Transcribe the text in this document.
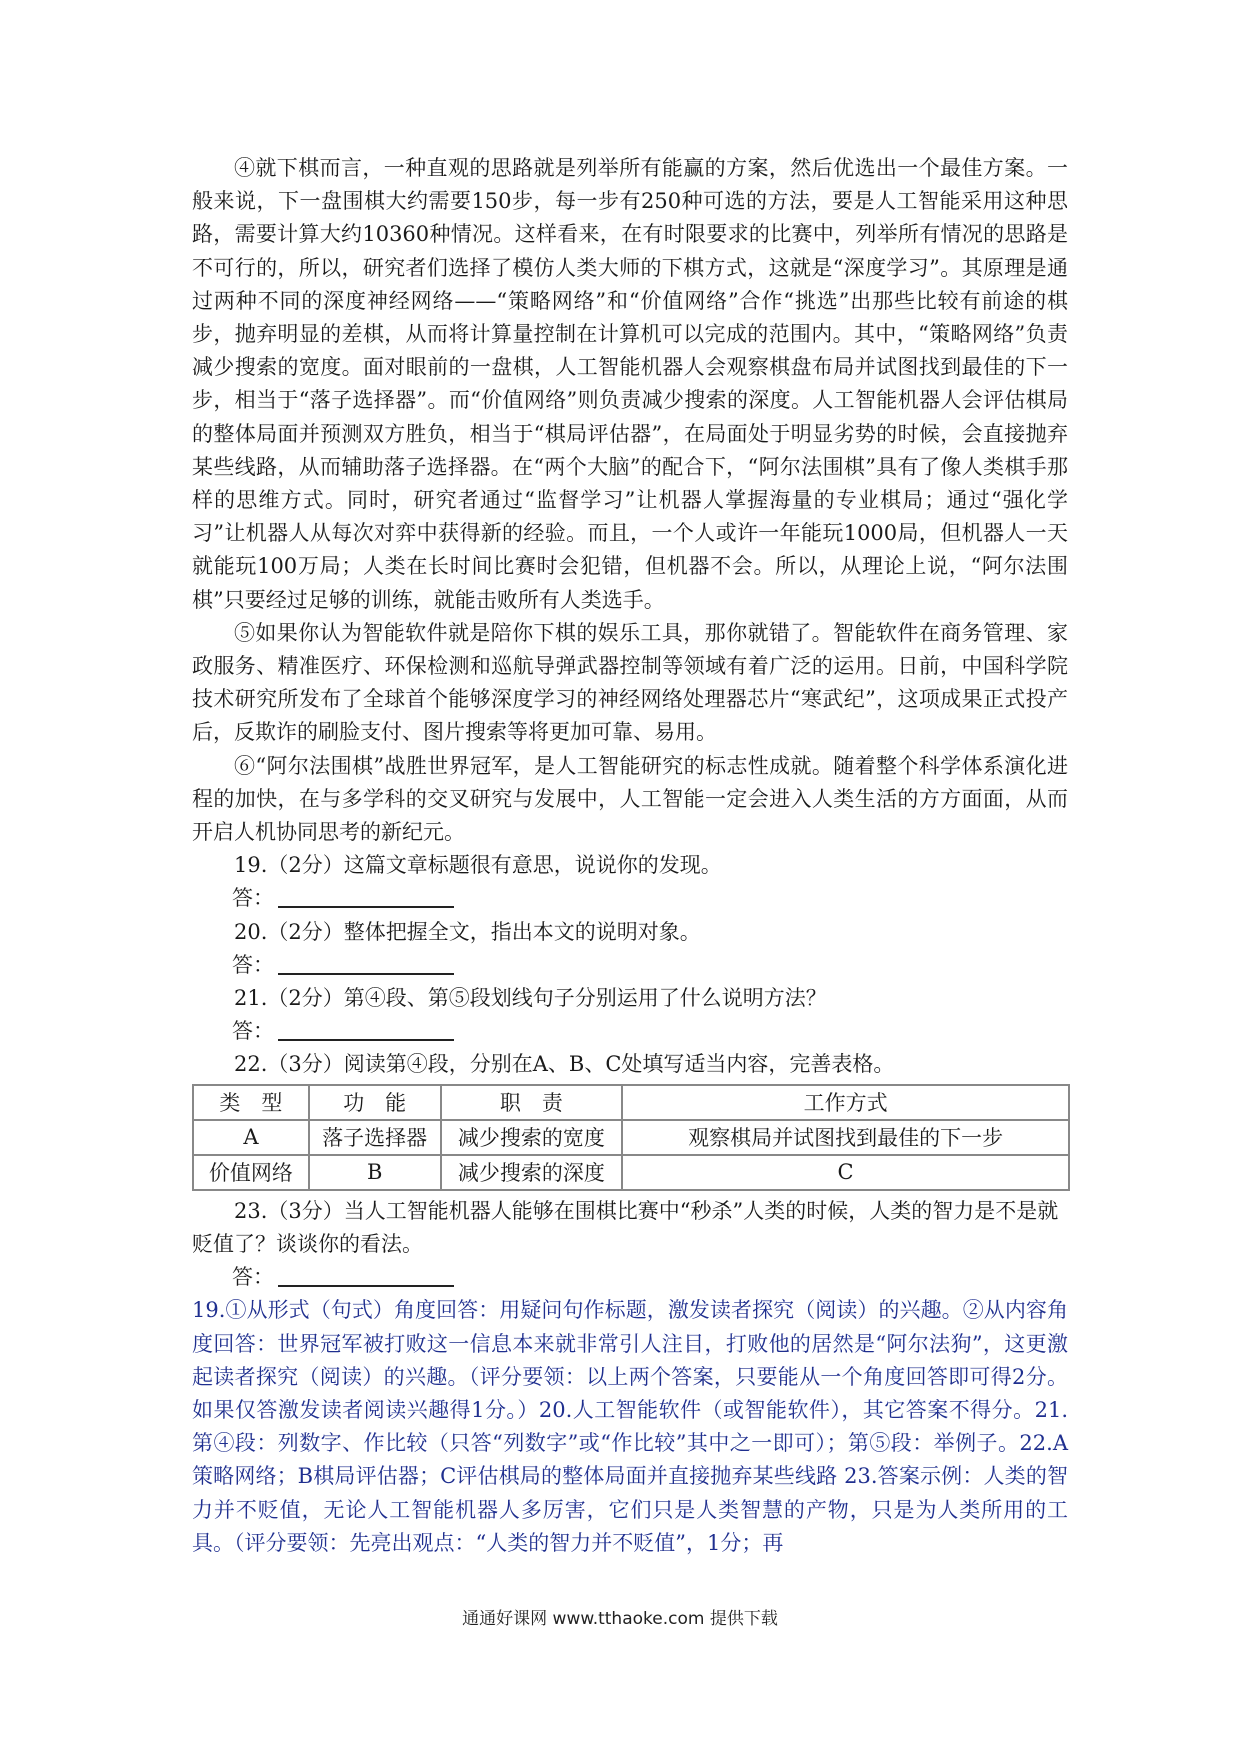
④就下棋而言，一种直观的思路就是列举所有能赢的方案，然后优选出一个最佳方案。一般来说，下一盘围棋大约需要150步，每一步有250种可选的方法，要是人工智能采用这种思路，需要计算大约10360种情况。这样看来，在有时限要求的比赛中，列举所有情况的思路是不可行的，所以，研究者们选择了模仿人类大师的下棋方式，这就是“深度学习”。其原理是通过两种不同的深度神经网络——“策略网络”和“价值网络”合作“挑选”出那些比较有前途的棋步，抛弃明显的差棋，从而将计算量控制在计算机可以完成的范围内。其中，“策略网络”负责减少搜索的宽度。面对眼前的一盘棋，人工智能机器人会观察棋盘布局并试图找到最佳的下一步，相当于“落子选择器”。而“价值网络”则负责减少搜索的深度。人工智能机器人会评估棋局的整体局面并预测双方胜负，相当于“棋局评估器”，在局面处于明显劣势的时候，会直接抛弃某些线路，从而辅助落子选择器。在“两个大脑”的配合下，“阿尔法围棋”具有了像人类棋手那样的思维方式。同时，研究者通过“监督学习”让机器人掌握海量的专业棋局；通过“强化学习”让机器人从每次对弈中获得新的经验。而且，一个人或许一年能玩1000局，但机器人一天就能玩100万局；人类在长时间比赛时会犯错，但机器不会。所以，从理论上说，“阿尔法围棋”只要经过足够的训练，就能击败所有人类选手。

⑤如果你认为智能软件就是陪你下棋的娱乐工具，那你就错了。智能软件在商务管理、家政服务、精准医疗、环保检测和巡航导弹武器控制等领域有着广泛的运用。日前，中国科学院技术研究所发布了全球首个能够深度学习的神经网络处理器芯片“寒武纪”，这项成果正式投产后，反欺诈的刷脸支付、图片搜索等将更加可靠、易用。

⑥“阿尔法围棋”战胜世界冠军，是人工智能研究的标志性成就。随着整个科学体系演化进程的加快，在与多学科的交叉研究与发展中，人工智能一定会进入人类生活的方方面面，从而开启人机协同思考的新纪元。

19.（2分）这篇文章标题很有意思，说说你的发现。

答：

20.（2分）整体把握全文，指出本文的说明对象。

答：

21.（2分）第④段、第⑤段划线句子分别运用了什么说明方法？

答：

22.（3分）阅读第④段，分别在A、B、C处填写适当内容，完善表格。

类　型	功　能	职　责	工作方式
A	落子选择器	减少搜索的宽度	观察棋局并试图找到最佳的下一步
价值网络	B	减少搜索的深度	C

23.（3分）当人工智能机器人能够在围棋比赛中“秒杀”人类的时候，人类的智力是不是就贬值了？谈谈你的看法。

答：

19.①从形式（句式）角度回答：用疑问句作标题，激发读者探究（阅读）的兴趣。②从内容角度回答：世界冠军被打败这一信息本来就非常引人注目，打败他的居然是“阿尔法狗”，这更激起读者探究（阅读）的兴趣。（评分要领：以上两个答案，只要能从一个角度回答即可得2分。如果仅答激发读者阅读兴趣得1分。）20.人工智能软件（或智能软件），其它答案不得分。21.第④段：列数字、作比较（只答“列数字”或“作比较”其中之一即可）；第⑤段：举例子。22.A策略网络；B棋局评估器；C评估棋局的整体局面并直接抛弃某些线路 23.答案示例：人类的智力并不贬值，无论人工智能机器人多厉害，它们只是人类智慧的产物，只是为人类所用的工具。（评分要领：先亮出观点：“人类的智力并不贬值”，1分；再

通通好课网 www.tthaoke.com 提供下载
